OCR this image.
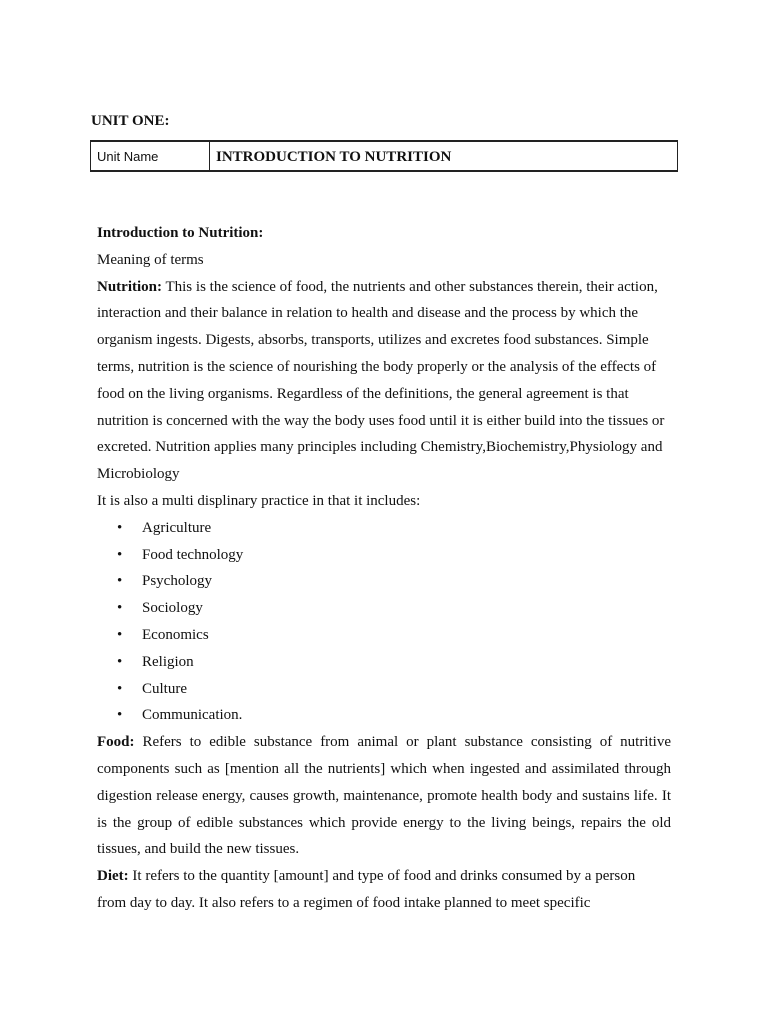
UNIT ONE:
Unit Name	INTRODUCTION TO NUTRITION

Introduction to Nutrition:

Meaning of terms

Nutrition: This is the science of food, the nutrients and other substances therein, their action, interaction and their balance in relation to health and disease and the process by which the organism ingests. Digests, absorbs, transports, utilizes and excretes food substances. Simple terms, nutrition is the science of nourishing the body properly or the analysis of the effects of food on the living organisms. Regardless of the definitions, the general agreement is that nutrition is concerned with the way the body uses food until it is either build into the tissues or excreted. Nutrition applies many principles including Chemistry,Biochemistry,Physiology and Microbiology

It is also a multi displinary practice in that it includes:

• Agriculture
• Food technology
• Psychology
• Sociology
• Economics
• Religion
• Culture
• Communication.

Food: Refers to edible substance from animal or plant substance consisting of nutritive components such as [mention all the nutrients] which when ingested and assimilated through digestion release energy, causes growth, maintenance, promote health body and sustains life. It is the group of edible substances which provide energy to the living beings, repairs the old tissues, and build the new tissues.

Diet: It refers to the quantity [amount] and type of food and drinks consumed by a person
from day to day. It also refers to a regimen of food intake planned to meet specific
